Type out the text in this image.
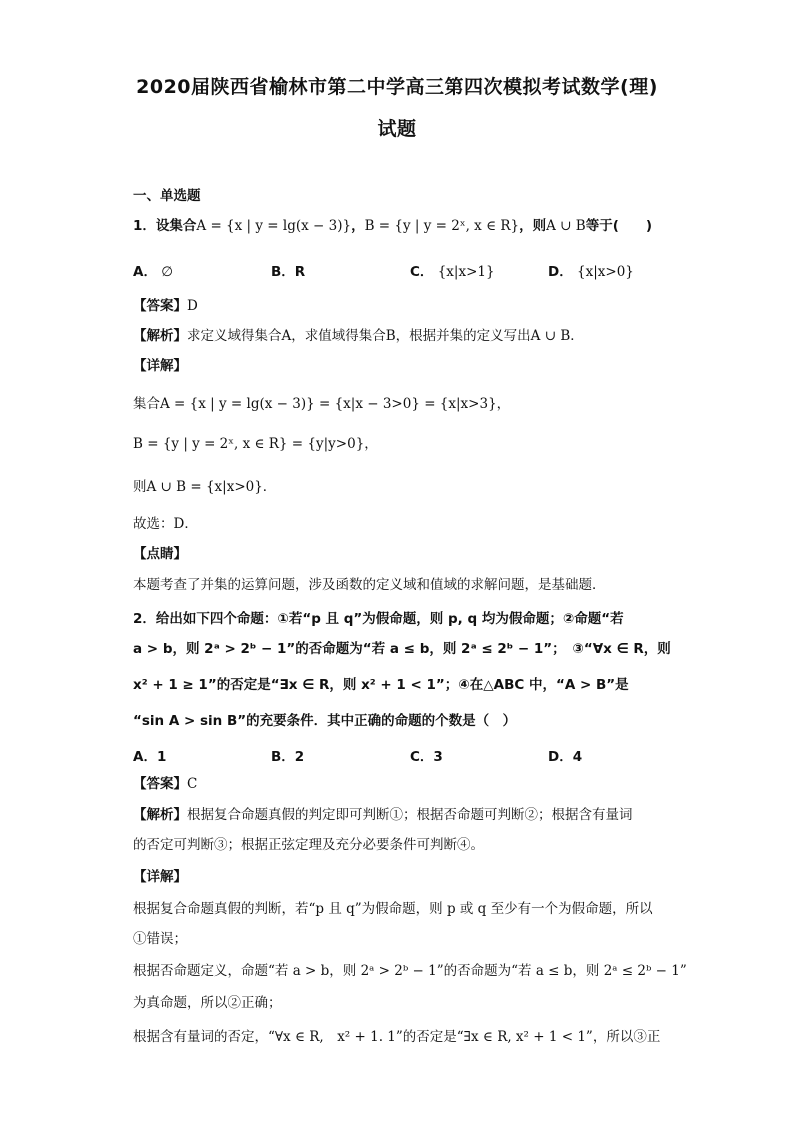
2020届陕西省榆林市第二中学高三第四次模拟考试数学(理)
试题
一、单选题
1．设集合A = {x | y = lg(x − 3)}，B = {y | y = 2ˣ, x ∈ R}，则A ∪ B等于(　　)
A． ∅	B．R	C． {x|x>1}	D． {x|x>0}
【答案】D
【解析】求定义域得集合A，求值域得集合B，根据并集的定义写出A ∪ B．
【详解】
集合A = {x | y = lg(x − 3)} = {x|x − 3>0} = {x|x>3}，
B = {y | y = 2ˣ, x ∈ R} = {y|y>0}，
则A ∪ B = {x|x>0}．
故选：D．
【点睛】
本题考查了并集的运算问题，涉及函数的定义域和值域的求解问题，是基础题．
2．给出如下四个命题：①若“p 且 q”为假命题，则 p, q 均为假命题；②命题“若
a > b，则 2ᵃ > 2ᵇ − 1”的否命题为“若 a ≤ b，则 2ᵃ ≤ 2ᵇ − 1”；　③“∀x ∈ R，则
x² + 1 ≥ 1”的否定是“∃x ∈ R，则 x² + 1 < 1”；④在△ABC 中，“A > B”是
“sin A > sin B”的充要条件．其中正确的命题的个数是（　）
A．1	B．2	C．3	D．4
【答案】C
【解析】根据复合命题真假的判定即可判断①；根据否命题可判断②；根据含有量词
的否定可判断③；根据正弦定理及充分必要条件可判断④。
【详解】
根据复合命题真假的判断，若“p 且 q”为假命题，则 p 或 q 至少有一个为假命题，所以
①错误；
根据否命题定义，命题“若 a > b，则 2ᵃ > 2ᵇ − 1”的否命题为“若 a ≤ b，则 2ᵃ ≤ 2ᵇ − 1”
为真命题，所以②正确；
根据含有量词的否定，“∀x ∈ R,　x² + 1. 1”的否定是“∃x ∈ R, x² + 1 < 1”，所以③正
